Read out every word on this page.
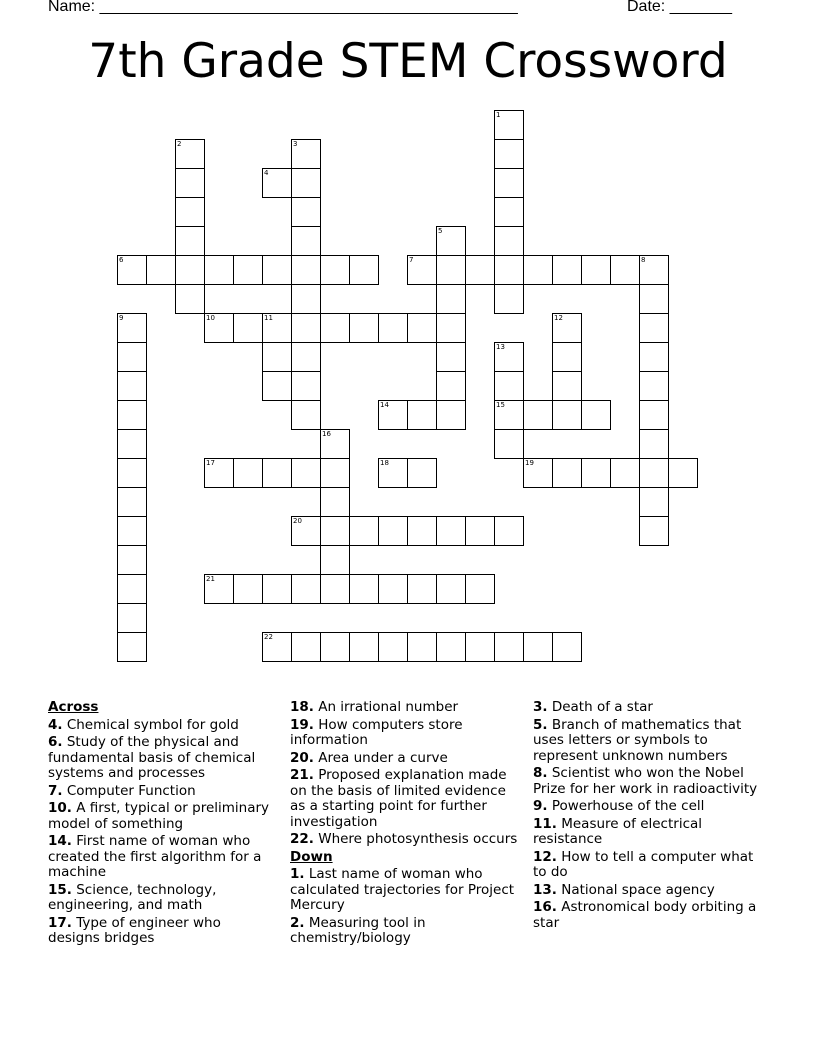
Name: _______________________________________________	Date: _______
7th Grade STEM Crossword
1
2	3
4
5
6	7	8
9	10	11	12
13
15
14
16
17	18	19
20
21
22
Across
4. Chemical symbol for gold
6. Study of the physical and fundamental basis of chemical systems and processes
7. Computer Function
10. A first, typical or preliminary model of something
14. First name of woman who created the first algorithm for a machine
15. Science, technology, engineering, and math
17. Type of engineer who designs bridges
18. An irrational number
19. How computers store information
20. Area under a curve
21. Proposed explanation made on the basis of limited evidence as a starting point for further investigation
22. Where photosynthesis occurs
Down
1. Last name of woman who calculated trajectories for Project Mercury
2. Measuring tool in chemistry/biology
3. Death of a star
5. Branch of mathematics that uses letters or symbols to represent unknown numbers
8. Scientist who won the Nobel Prize for her work in radioactivity
9. Powerhouse of the cell
11. Measure of electrical resistance
12. How to tell a computer what to do
13. National space agency
16. Astronomical body orbiting a star
